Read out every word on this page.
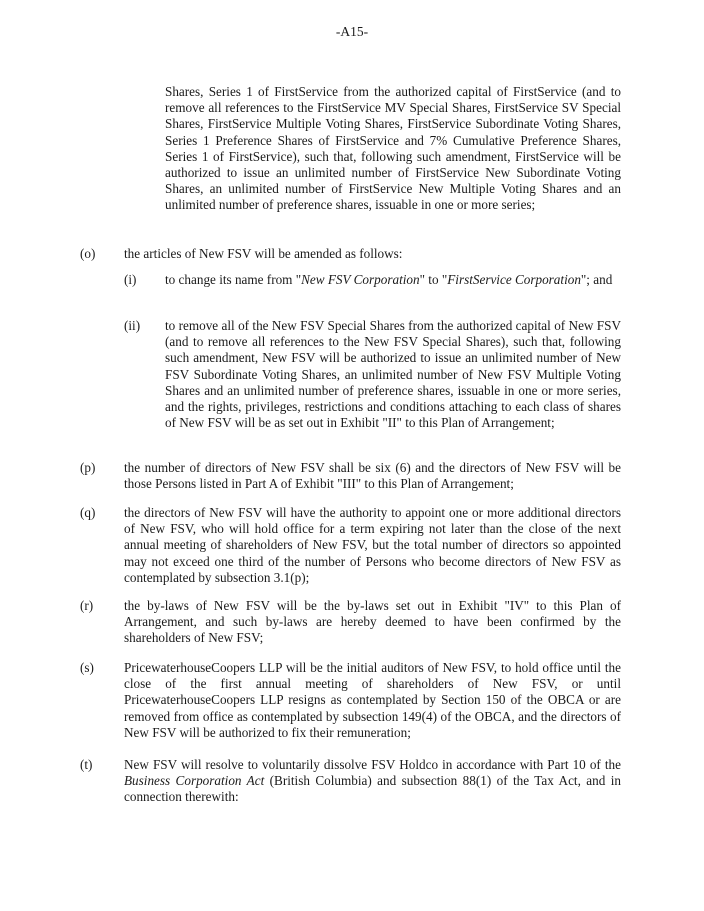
-A15-

Shares, Series 1 of FirstService from the authorized capital of FirstService (and to remove all references to the FirstService MV Special Shares, FirstService SV Special Shares, FirstService Multiple Voting Shares, FirstService Subordinate Voting Shares, Series 1 Preference Shares of FirstService and 7% Cumulative Preference Shares, Series 1 of FirstService), such that, following such amendment, FirstService will be authorized to issue an unlimited number of FirstService New Subordinate Voting Shares, an unlimited number of FirstService New Multiple Voting Shares and an unlimited number of preference shares, issuable in one or more series;

(o) the articles of New FSV will be amended as follows:

(i) to change its name from "New FSV Corporation" to "FirstService Corporation"; and

(ii) to remove all of the New FSV Special Shares from the authorized capital of New FSV (and to remove all references to the New FSV Special Shares), such that, following such amendment, New FSV will be authorized to issue an unlimited number of New FSV Subordinate Voting Shares, an unlimited number of New FSV Multiple Voting Shares and an unlimited number of preference shares, issuable in one or more series, and the rights, privileges, restrictions and conditions attaching to each class of shares of New FSV will be as set out in Exhibit "II" to this Plan of Arrangement;

(p) the number of directors of New FSV shall be six (6) and the directors of New FSV will be those Persons listed in Part A of Exhibit "III" to this Plan of Arrangement;

(q) the directors of New FSV will have the authority to appoint one or more additional directors of New FSV, who will hold office for a term expiring not later than the close of the next annual meeting of shareholders of New FSV, but the total number of directors so appointed may not exceed one third of the number of Persons who become directors of New FSV as contemplated by subsection 3.1(p);

(r) the by-laws of New FSV will be the by-laws set out in Exhibit "IV" to this Plan of Arrangement, and such by-laws are hereby deemed to have been confirmed by the shareholders of New FSV;

(s) PricewaterhouseCoopers LLP will be the initial auditors of New FSV, to hold office until the close of the first annual meeting of shareholders of New FSV, or until PricewaterhouseCoopers LLP resigns as contemplated by Section 150 of the OBCA or are removed from office as contemplated by subsection 149(4) of the OBCA, and the directors of New FSV will be authorized to fix their remuneration;

(t) New FSV will resolve to voluntarily dissolve FSV Holdco in accordance with Part 10 of the Business Corporation Act (British Columbia) and subsection 88(1) of the Tax Act, and in connection therewith:
